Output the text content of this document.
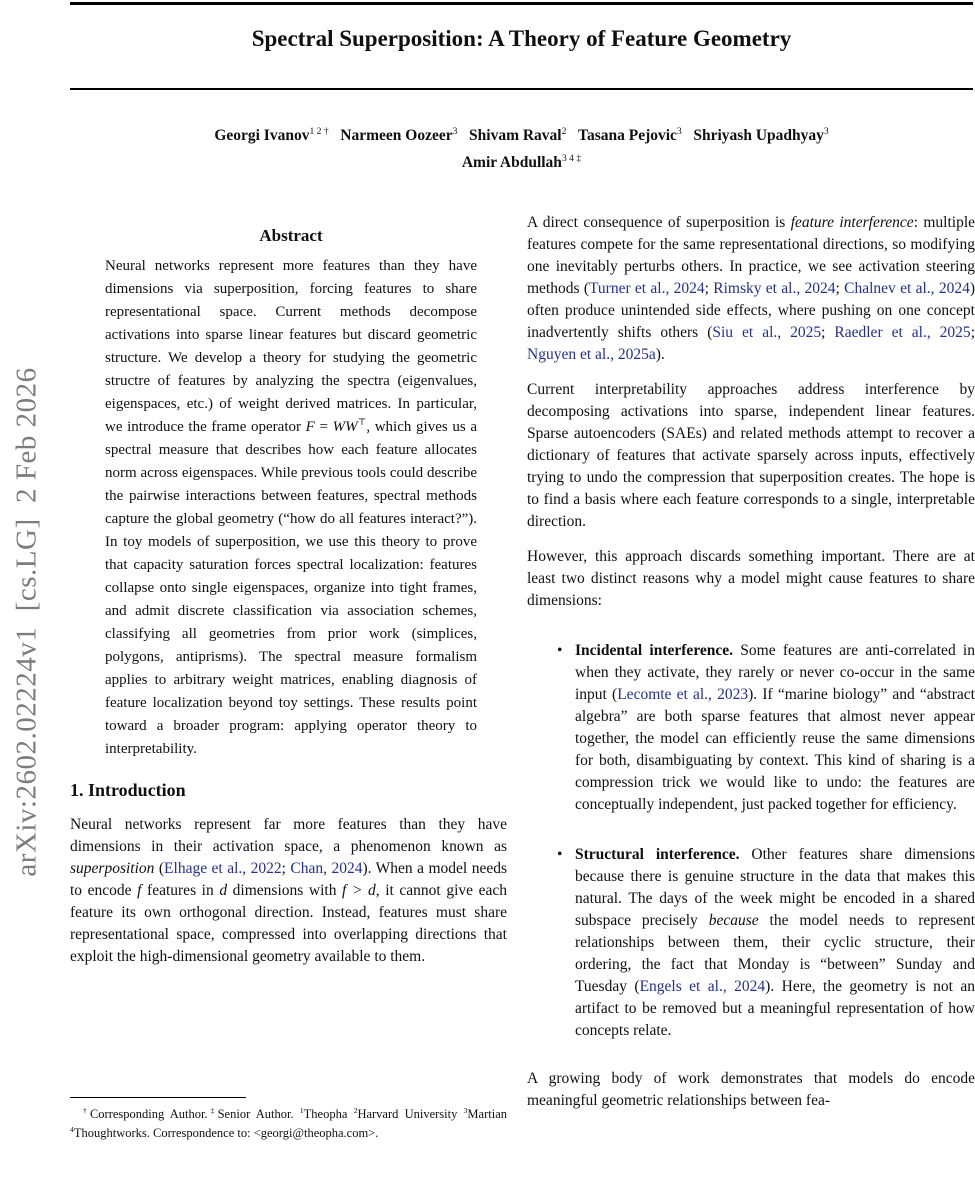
arXiv:2602.02224v1  [cs.LG]  2 Feb 2026
Spectral Superposition: A Theory of Feature Geometry
Georgi Ivanov$^{1 2 \dagger}$ Narmeen Oozeer$^3$ Shivam Raval$^2$ Tasana Pejovic$^3$ Shriyash Upadhyay$^3$
Amir Abdullah$^{3 4 \ddagger}$
Abstract
Neural networks represent more features than they have dimensions via superposition, forcing features to share representational space. Current methods decompose activations into sparse linear features but discard geometric structure. We develop a theory for studying the geometric structre of features by analyzing the spectra (eigenvalues, eigenspaces, etc.) of weight derived matrices. In particular, we introduce the frame operator F = WW⊤, which gives us a spectral measure that describes how each feature allocates norm across eigenspaces. While previous tools could describe the pairwise interactions between features, spectral methods capture the global geometry (“how do all features interact?”). In toy models of superposition, we use this theory to prove that capacity saturation forces spectral localization: features collapse onto single eigenspaces, organize into tight frames, and admit discrete classification via association schemes, classifying all geometries from prior work (simplices, polygons, antiprisms). The spectral measure formalism applies to arbitrary weight matrices, enabling diagnosis of feature localization beyond toy settings. These results point toward a broader program: applying operator theory to interpretability.
1. Introduction

Neural networks represent far more features than they have dimensions in their activation space, a phenomenon known as superposition (Elhage et al., 2022; Chan, 2024). When a model needs to encode f features in d dimensions with f > d, it cannot give each feature its own orthogonal direction. Instead, features must share representational space, compressed into overlapping directions that exploit the high-dimensional geometry available to them.

A direct consequence of superposition is feature interference: multiple features compete for the same representational directions, so modifying one inevitably perturbs others. In practice, we see activation steering methods (Turner et al., 2024; Rimsky et al., 2024; Chalnev et al., 2024) often produce unintended side effects, where pushing on one concept inadvertently shifts others (Siu et al., 2025; Raedler et al., 2025; Nguyen et al., 2025a).

Current interpretability approaches address interference by decomposing activations into sparse, independent linear features. Sparse autoencoders (SAEs) and related methods attempt to recover a dictionary of features that activate sparsely across inputs, effectively trying to undo the compression that superposition creates. The hope is to find a basis where each feature corresponds to a single, interpretable direction.

However, this approach discards something important. There are at least two distinct reasons why a model might cause features to share dimensions:

• Incidental interference. Some features are anti-correlated in when they activate, they rarely or never co-occur in the same input (Lecomte et al., 2023). If “marine biology” and “abstract algebra” are both sparse features that almost never appear together, the model can efficiently reuse the same dimensions for both, disambiguating by context. This kind of sharing is a compression trick we would like to undo: the features are conceptually independent, just packed together for efficiency.
• Structural interference. Other features share dimensions because there is genuine structure in the data that makes this natural. The days of the week might be encoded in a shared subspace precisely because the model needs to represent relationships between them, their cyclic structure, their ordering, the fact that Monday is “between” Sunday and Tuesday (Engels et al., 2024). Here, the geometry is not an artifact to be removed but a meaningful representation of how concepts relate.

A growing body of work demonstrates that models do encode meaningful geometric relationships between fea-

†Corresponding Author.‡Senior Author. $^1$Theopha $^2$Harvard University $^3$Martian $^4$Thoughtworks. Correspondence to: <georgi@theopha.com>.
